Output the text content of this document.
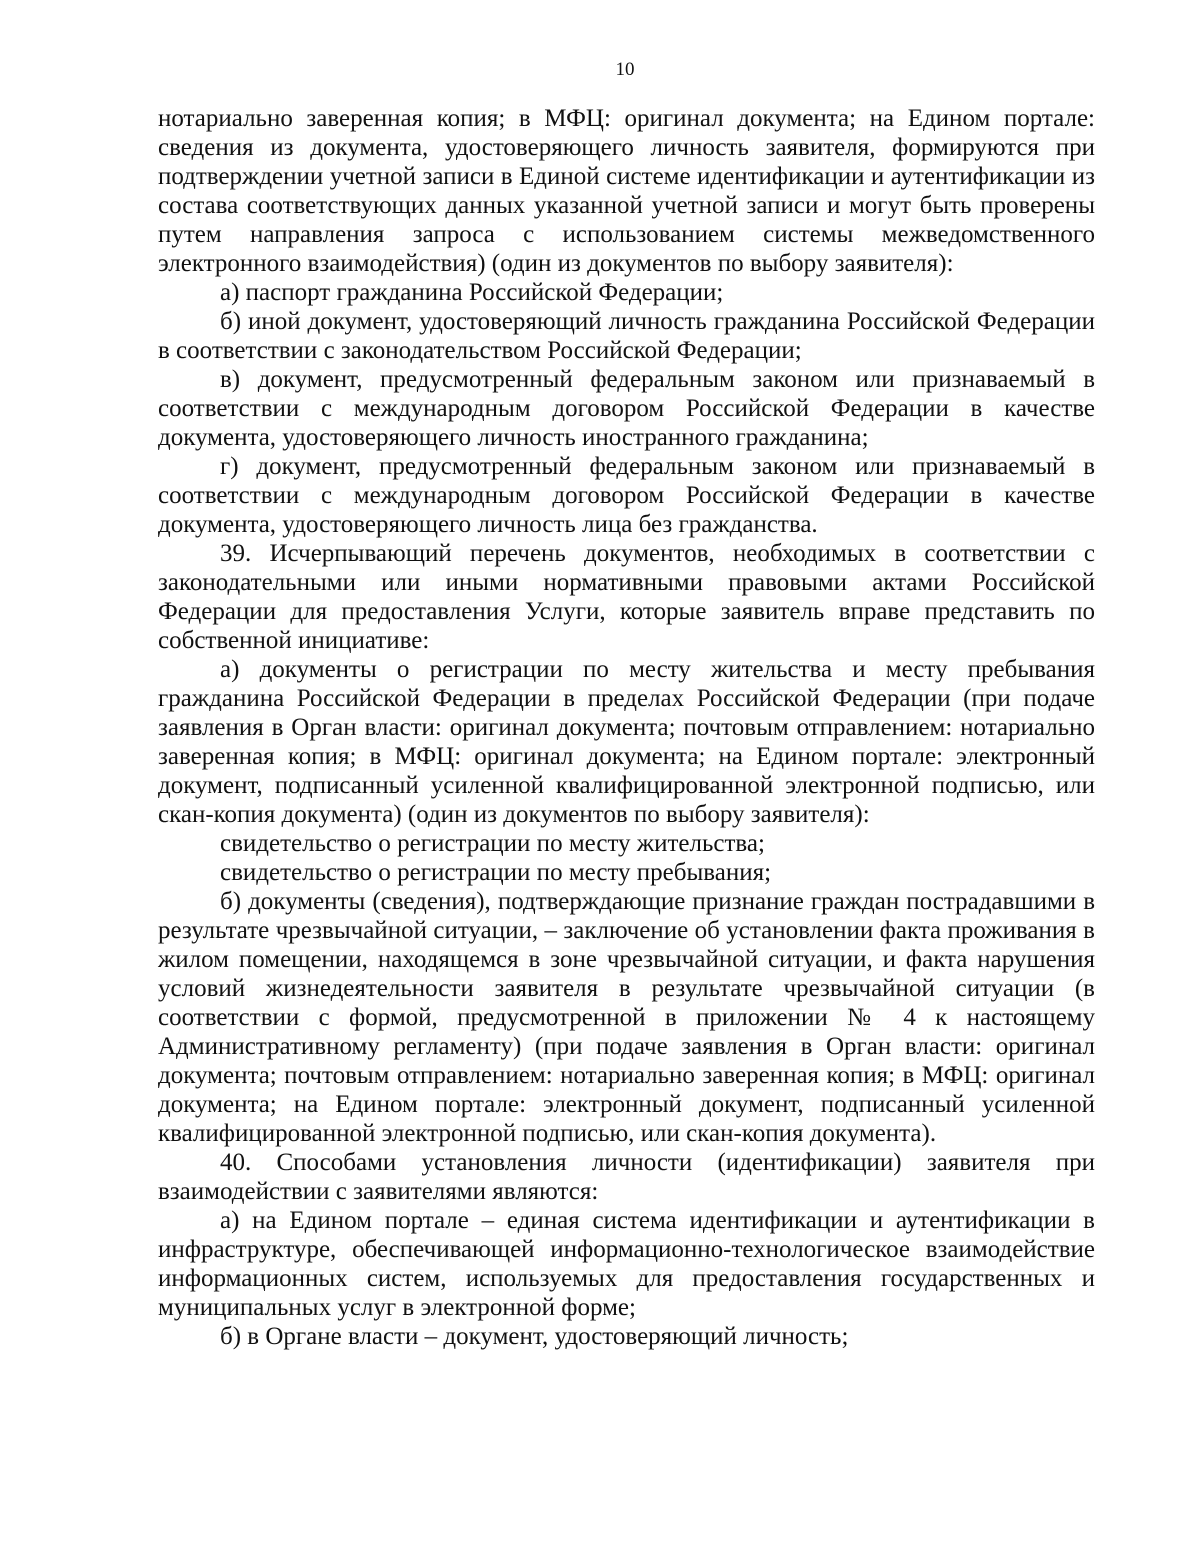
10

нотариально заверенная копия; в МФЦ: оригинал документа; на Едином портале: сведения из документа, удостоверяющего личность заявителя, формируются при подтверждении учетной записи в Единой системе идентификации и аутентификации из состава соответствующих данных указанной учетной записи и могут быть проверены путем направления запроса с использованием системы межведомственного электронного взаимодействия) (один из документов по выбору заявителя):

а) паспорт гражданина Российской Федерации;

б) иной документ, удостоверяющий личность гражданина Российской Федерации в соответствии с законодательством Российской Федерации;

в) документ, предусмотренный федеральным законом или признаваемый в соответствии с международным договором Российской Федерации в качестве документа, удостоверяющего личность иностранного гражданина;

г) документ, предусмотренный федеральным законом или признаваемый в соответствии с международным договором Российской Федерации в качестве документа, удостоверяющего личность лица без гражданства.

39. Исчерпывающий перечень документов, необходимых в соответствии с законодательными или иными нормативными правовыми актами Российской Федерации для предоставления Услуги, которые заявитель вправе представить по собственной инициативе:

а) документы о регистрации по месту жительства и месту пребывания гражданина Российской Федерации в пределах Российской Федерации (при подаче заявления в Орган власти: оригинал документа; почтовым отправлением: нотариально заверенная копия; в МФЦ: оригинал документа; на Едином портале: электронный документ, подписанный усиленной квалифицированной электронной подписью, или скан-копия документа) (один из документов по выбору заявителя):

свидетельство о регистрации по месту жительства;

свидетельство о регистрации по месту пребывания;

б) документы (сведения), подтверждающие признание граждан пострадавшими в результате чрезвычайной ситуации, – заключение об установлении факта проживания в жилом помещении, находящемся в зоне чрезвычайной ситуации, и факта нарушения условий жизнедеятельности заявителя в результате чрезвычайной ситуации (в соответствии с формой, предусмотренной в приложении № 4 к настоящему Административному регламенту) (при подаче заявления в Орган власти: оригинал документа; почтовым отправлением: нотариально заверенная копия; в МФЦ: оригинал документа; на Едином портале: электронный документ, подписанный усиленной квалифицированной электронной подписью, или скан-копия документа).

40. Способами установления личности (идентификации) заявителя при взаимодействии с заявителями являются:

а) на Едином портале – единая система идентификации и аутентификации в инфраструктуре, обеспечивающей информационно-технологическое взаимодействие информационных систем, используемых для предоставления государственных и муниципальных услуг в электронной форме;

б) в Органе власти – документ, удостоверяющий личность;
